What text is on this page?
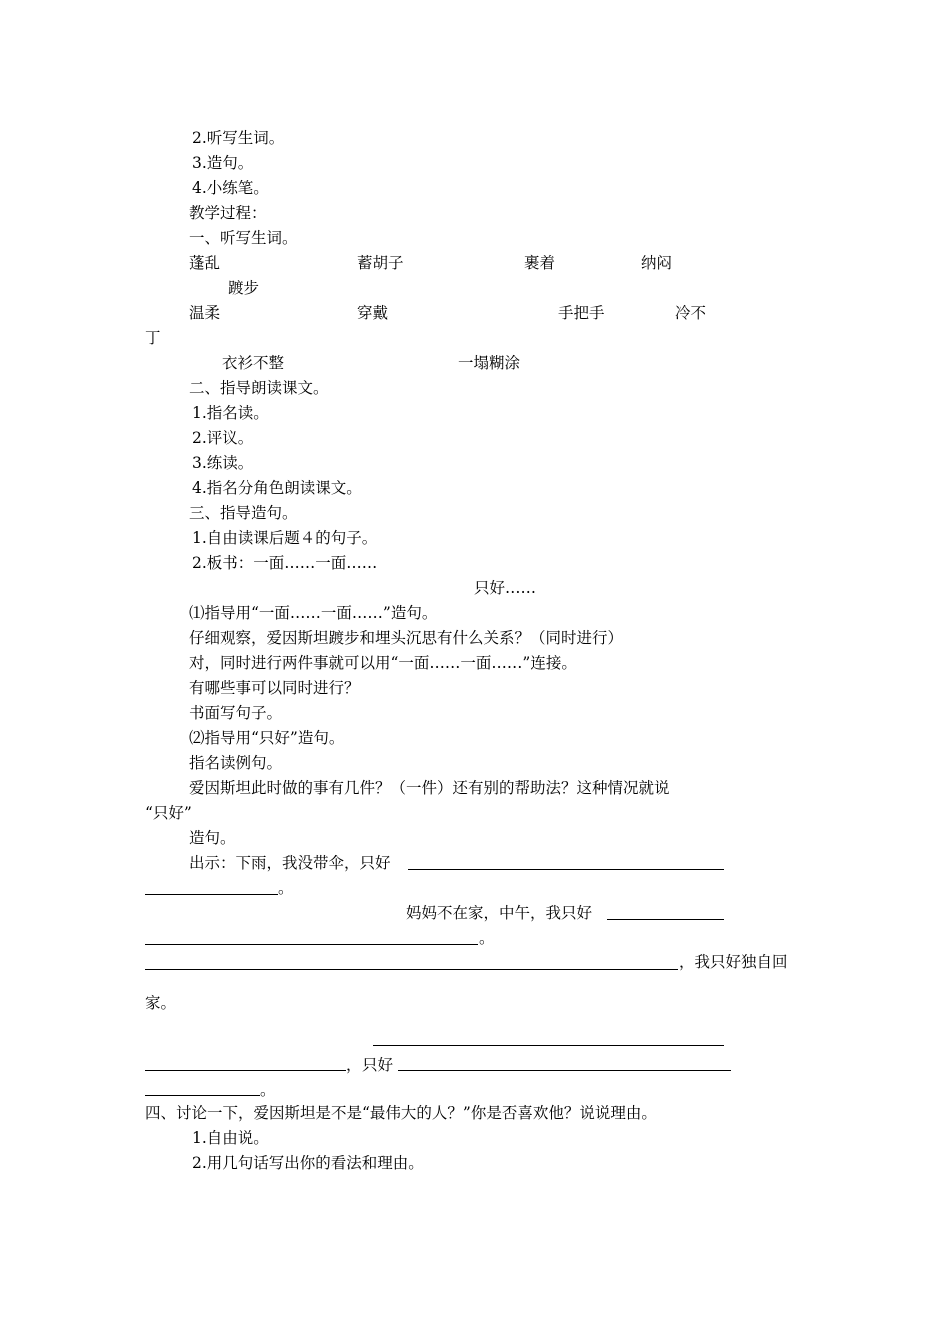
2.听写生词。
3.造句。
4.小练笔。
教学过程：
一、听写生词。
蓬乱	蓄胡子	裹着	纳闷
踱步
温柔	穿戴	手把手	冷不
丁
衣衫不整	一塌糊涂
二、指导朗读课文。
1.指名读。
2.评议。
3.练读。
4.指名分角色朗读课文。
三、指导造句。
1.自由读课后题４的句子。
2.板书：一面……一面……
只好……
⑴指导用“一面……一面……”造句。
仔细观察，爱因斯坦踱步和埋头沉思有什么关系？（同时进行）
对，同时进行两件事就可以用“一面……一面……”连接。
有哪些事可以同时进行？
书面写句子。
⑵指导用“只好”造句。
指名读例句。
爱因斯坦此时做的事有几件？（一件）还有别的帮助法？这种情况就说
“只好”
造句。
出示：下雨，我没带伞，只好
。
妈妈不在家，中午，我只好
。
，我只好独自回
家。
， 只好
。
四、讨论一下，爱因斯坦是不是“最伟大的人？”你是否喜欢他？说说理由。
1.自由说。
2.用几句话写出你的看法和理由。
